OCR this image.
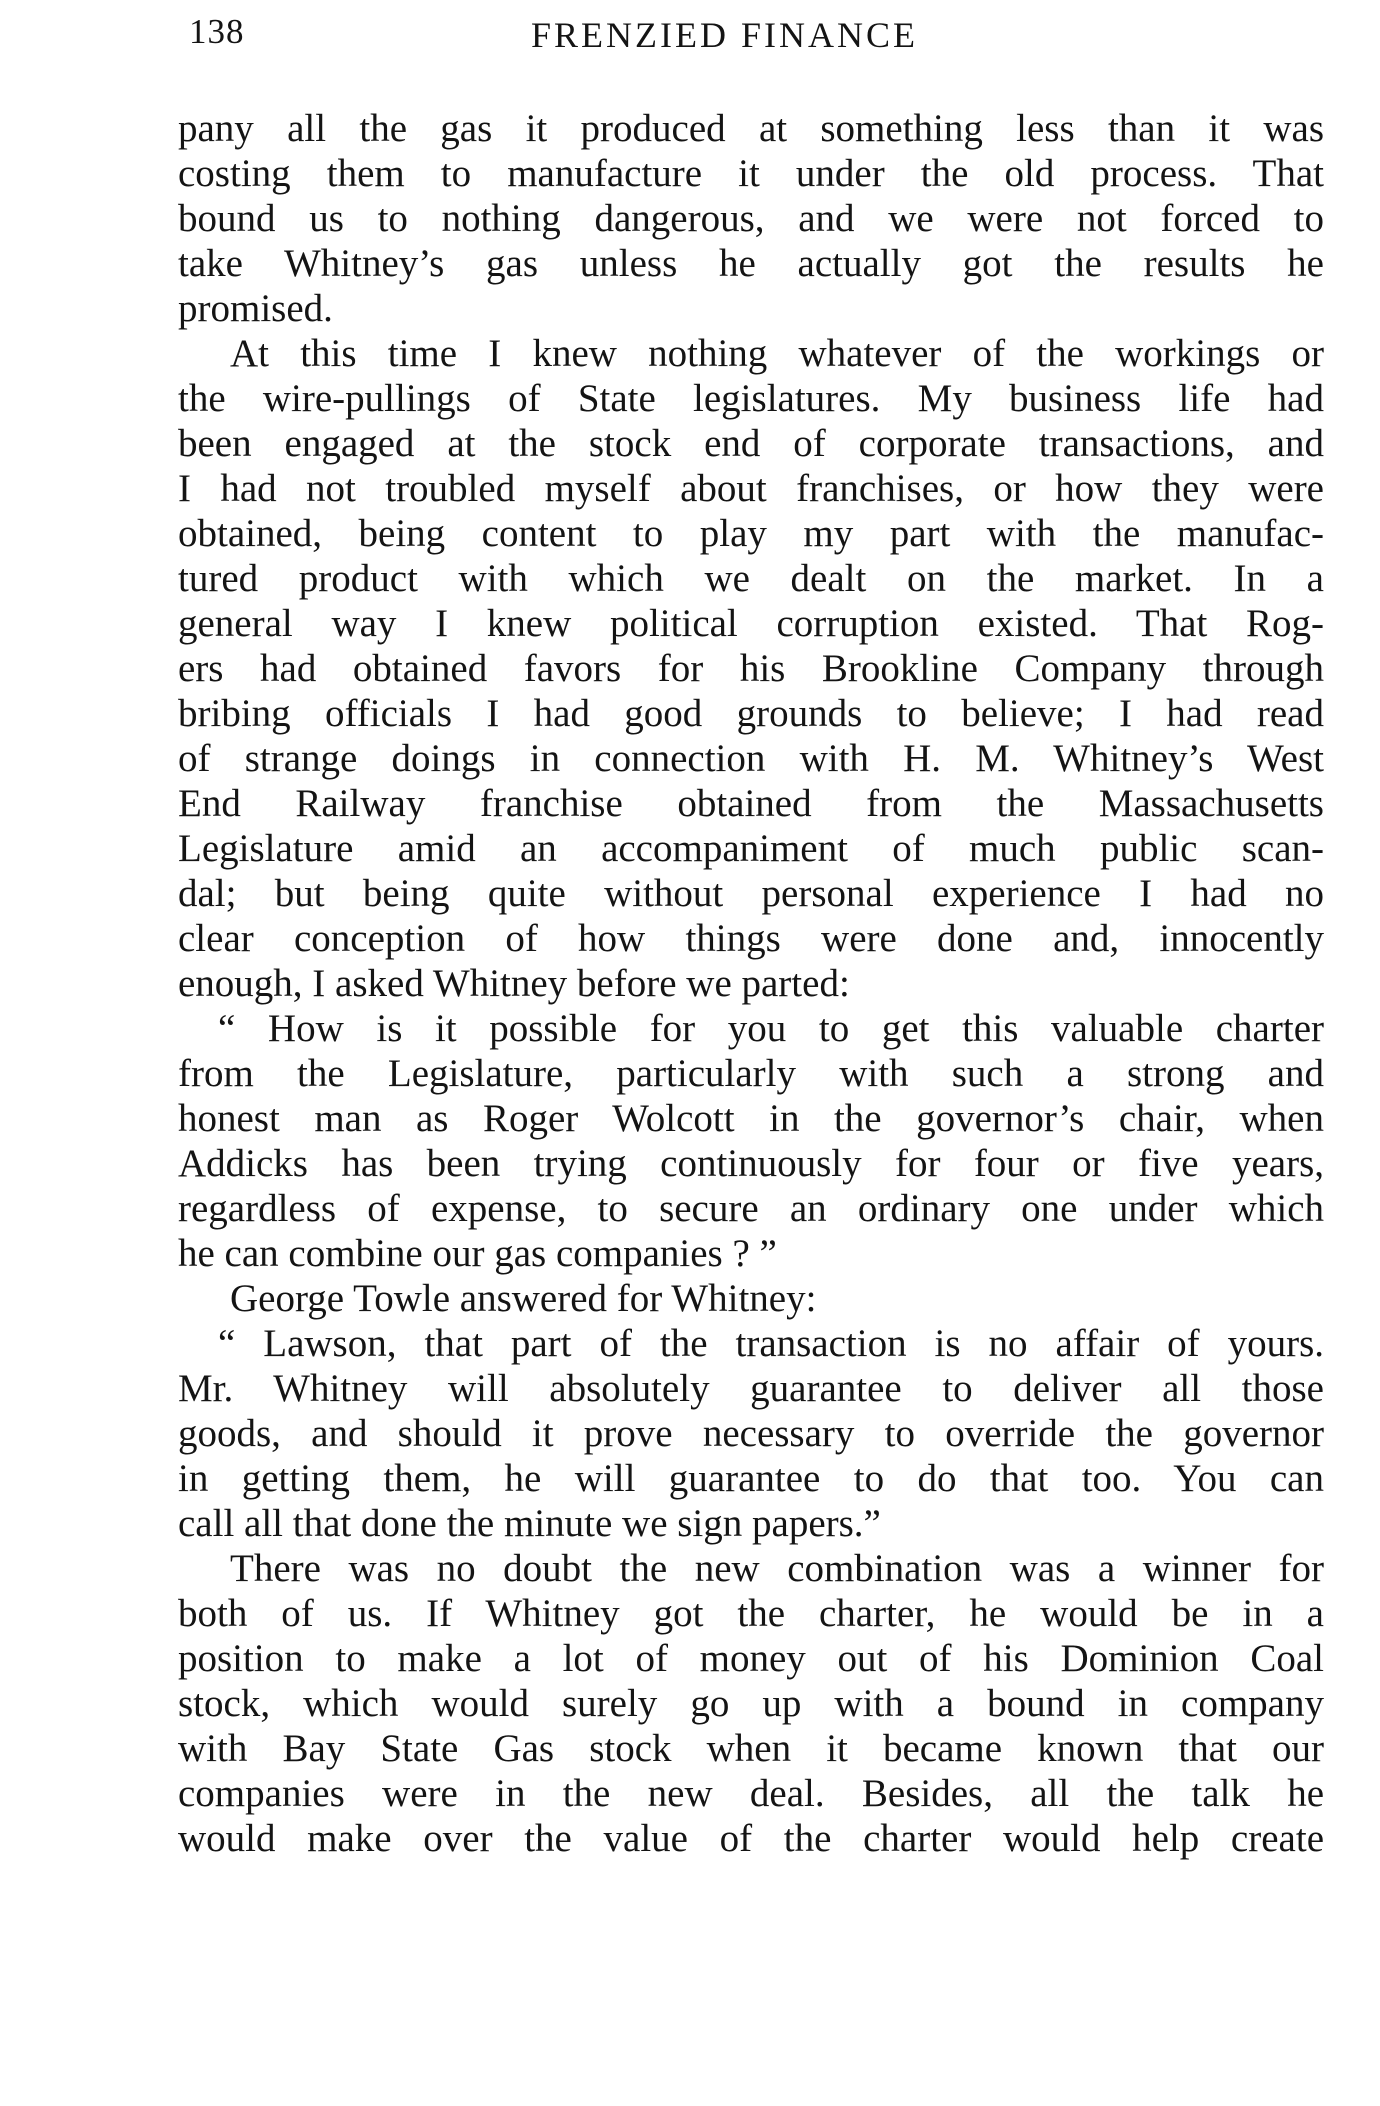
138	FRENZIED FINANCE
pany all the gas it produced at something less than it was
costing them to manufacture it under the old process. That
bound us to nothing dangerous, and we were not forced to
take Whitney’s gas unless he actually got the results he
promised.
At this time I knew nothing whatever of the workings or
the wire-pullings of State legislatures. My business life had
been engaged at the stock end of corporate transactions, and
I had not troubled myself about franchises, or how they were
obtained, being content to play my part with the manufac-
tured product with which we dealt on the market. In a
general way I knew political corruption existed. That Rog-
ers had obtained favors for his Brookline Company through
bribing officials I had good grounds to believe; I had read
of strange doings in connection with H. M. Whitney’s West
End Railway franchise obtained from the Massachusetts
Legislature amid an accompaniment of much public scan-
dal; but being quite without personal experience I had no
clear conception of how things were done and, innocently
enough, I asked Whitney before we parted:
“ How is it possible for you to get this valuable charter
from the Legislature, particularly with such a strong and
honest man as Roger Wolcott in the governor’s chair, when
Addicks has been trying continuously for four or five years,
regardless of expense, to secure an ordinary one under which
he can combine our gas companies ? ”
George Towle answered for Whitney:
“ Lawson, that part of the transaction is no affair of yours.
Mr. Whitney will absolutely guarantee to deliver all those
goods, and should it prove necessary to override the governor
in getting them, he will guarantee to do that too. You can
call all that done the minute we sign papers.”
There was no doubt the new combination was a winner for
both of us. If Whitney got the charter, he would be in a
position to make a lot of money out of his Dominion Coal
stock, which would surely go up with a bound in company
with Bay State Gas stock when it became known that our
companies were in the new deal. Besides, all the talk he
would make over the value of the charter would help create
